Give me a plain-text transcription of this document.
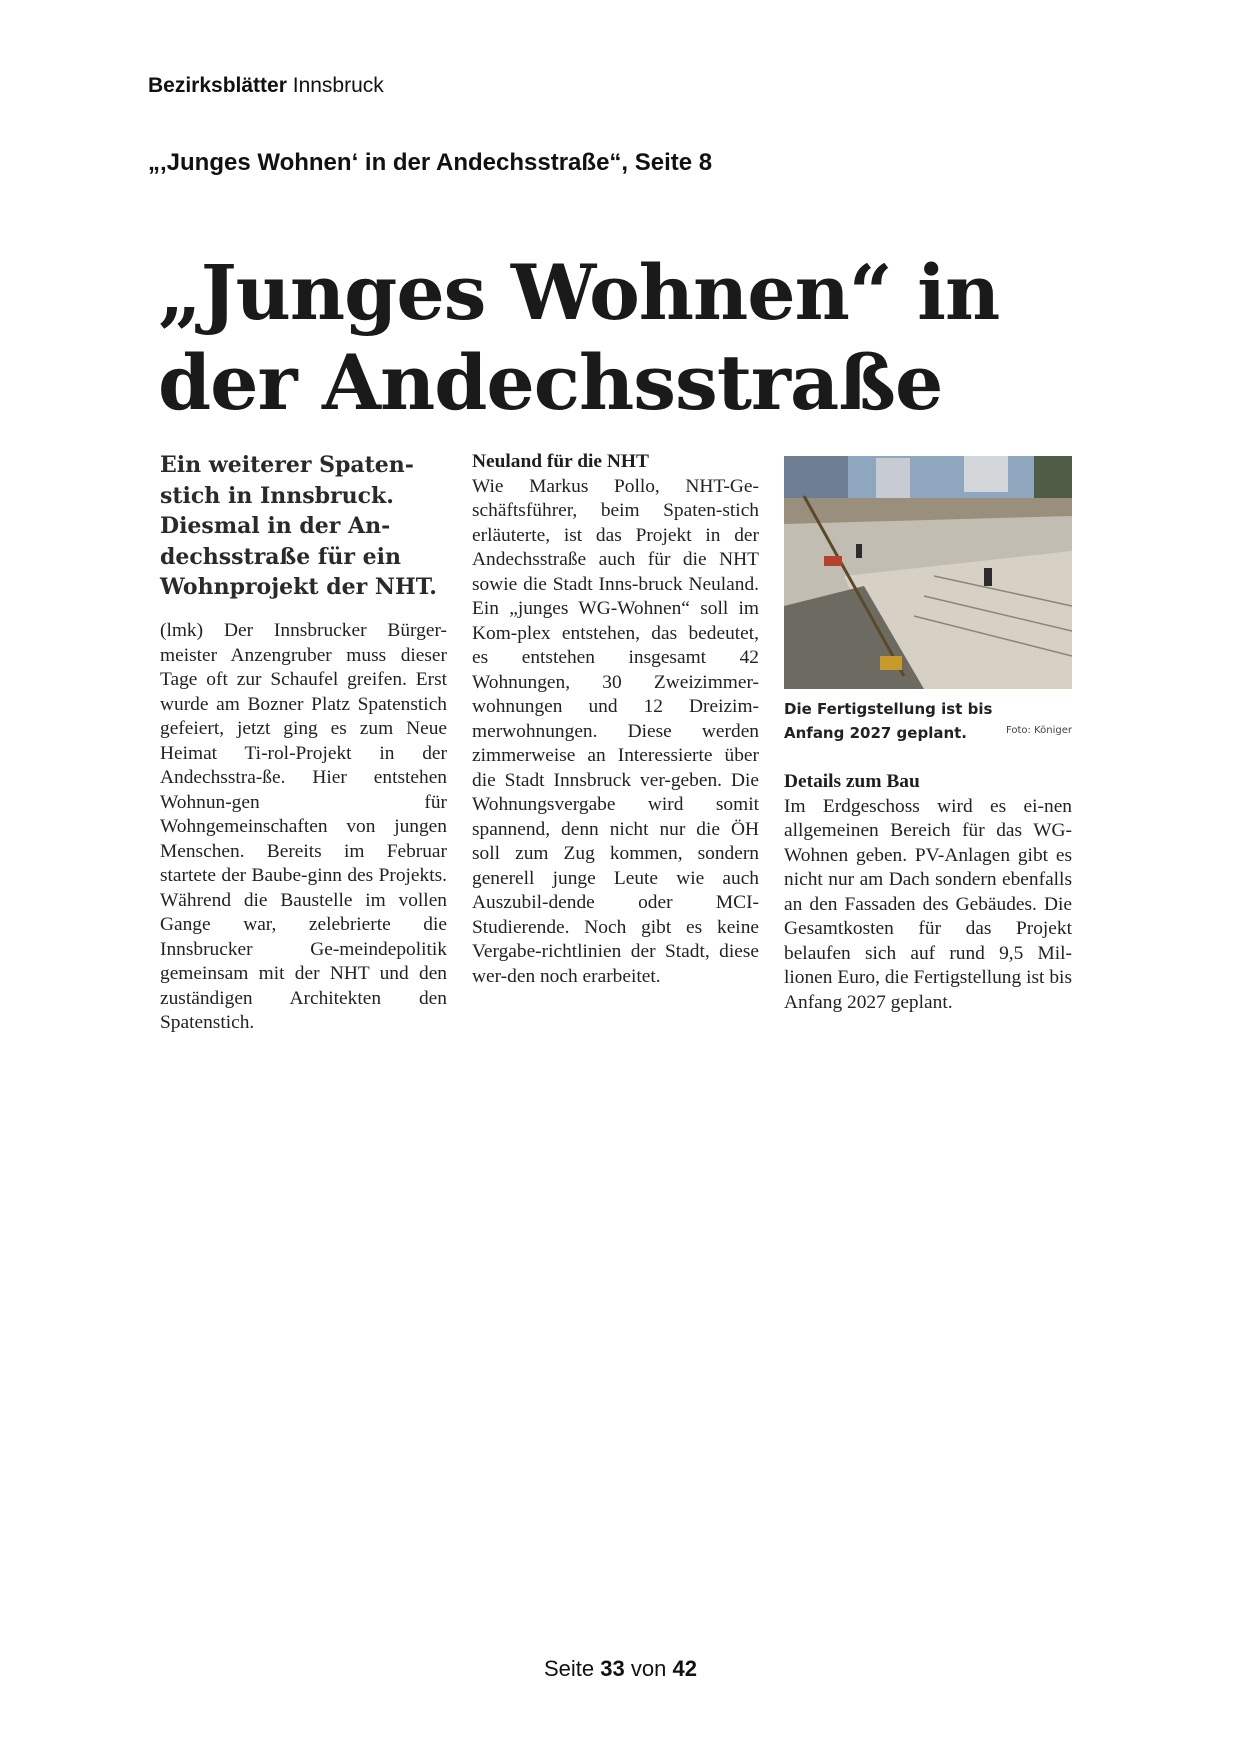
Bezirksblätter Innsbruck
„‚Junges Wohnen‘ in der Andechsstraße“, Seite 8
„Junges Wohnen“ in
der Andechsstraße

Ein weiterer Spaten-stich in Innsbruck. Diesmal in der An-dechsstraße für ein Wohnprojekt der NHT.

(lmk) Der Innsbrucker Bürger-meister Anzengruber muss dieser Tage oft zur Schaufel greifen. Erst wurde am Bozner Platz Spatenstich gefeiert, jetzt ging es zum Neue Heimat Ti-rol-Projekt in der Andechsstra-ße. Hier entstehen Wohnun-gen für Wohngemeinschaften von jungen Menschen. Bereits im Februar startete der Baube-ginn des Projekts. Während die Baustelle im vollen Gange war, zelebrierte die Innsbrucker Ge-meindepolitik gemeinsam mit der NHT und den zuständigen Architekten den Spatenstich.

Neuland für die NHT

Wie Markus Pollo, NHT-Ge-schäftsführer, beim Spaten-stich erläuterte, ist das Projekt in der Andechsstraße auch für die NHT sowie die Stadt Inns-bruck Neuland. Ein „junges WG-Wohnen“ soll im Kom-plex entstehen, das bedeutet, es entstehen insgesamt 42 Wohnungen, 30 Zweizimmer-wohnungen und 12 Dreizim-merwohnungen. Diese werden zimmerweise an Interessierte über die Stadt Innsbruck ver-geben. Die Wohnungsvergabe wird somit spannend, denn nicht nur die ÖH soll zum Zug kommen, sondern generell junge Leute wie auch Auszubil-dende oder MCI-Studierende. Noch gibt es keine Vergabe-richtlinien der Stadt, diese wer-den noch erarbeitet.

Die Fertigstellung ist bis Anfang 2027 geplant.	Foto: Königer
Details zum Bau

Im Erdgeschoss wird es ei-nen allgemeinen Bereich für das WG-Wohnen geben. PV-Anlagen gibt es nicht nur am Dach sondern ebenfalls an den Fassaden des Gebäudes. Die Gesamtkosten für das Projekt belaufen sich auf rund 9,5 Mil-lionen Euro, die Fertigstellung ist bis Anfang 2027 geplant.

Seite 33 von 42
